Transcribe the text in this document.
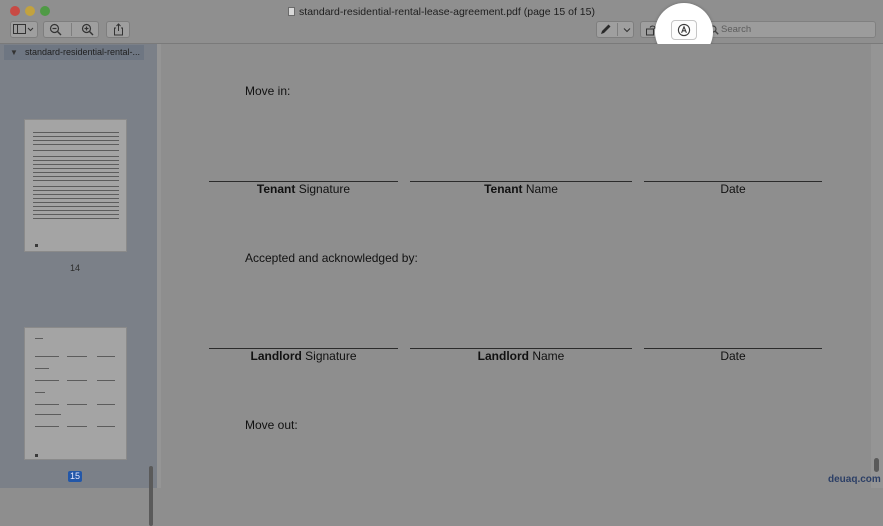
standard-residential-rental-lease-agreement.pdf (page 15 of 15)
Search
▼ standard-residential-rental-...
14
15
Move in:
Tenant Signature	Tenant Name	Date
Accepted and acknowledged by:
Landlord Signature	Landlord Name	Date
Move out:
deuaq.com
